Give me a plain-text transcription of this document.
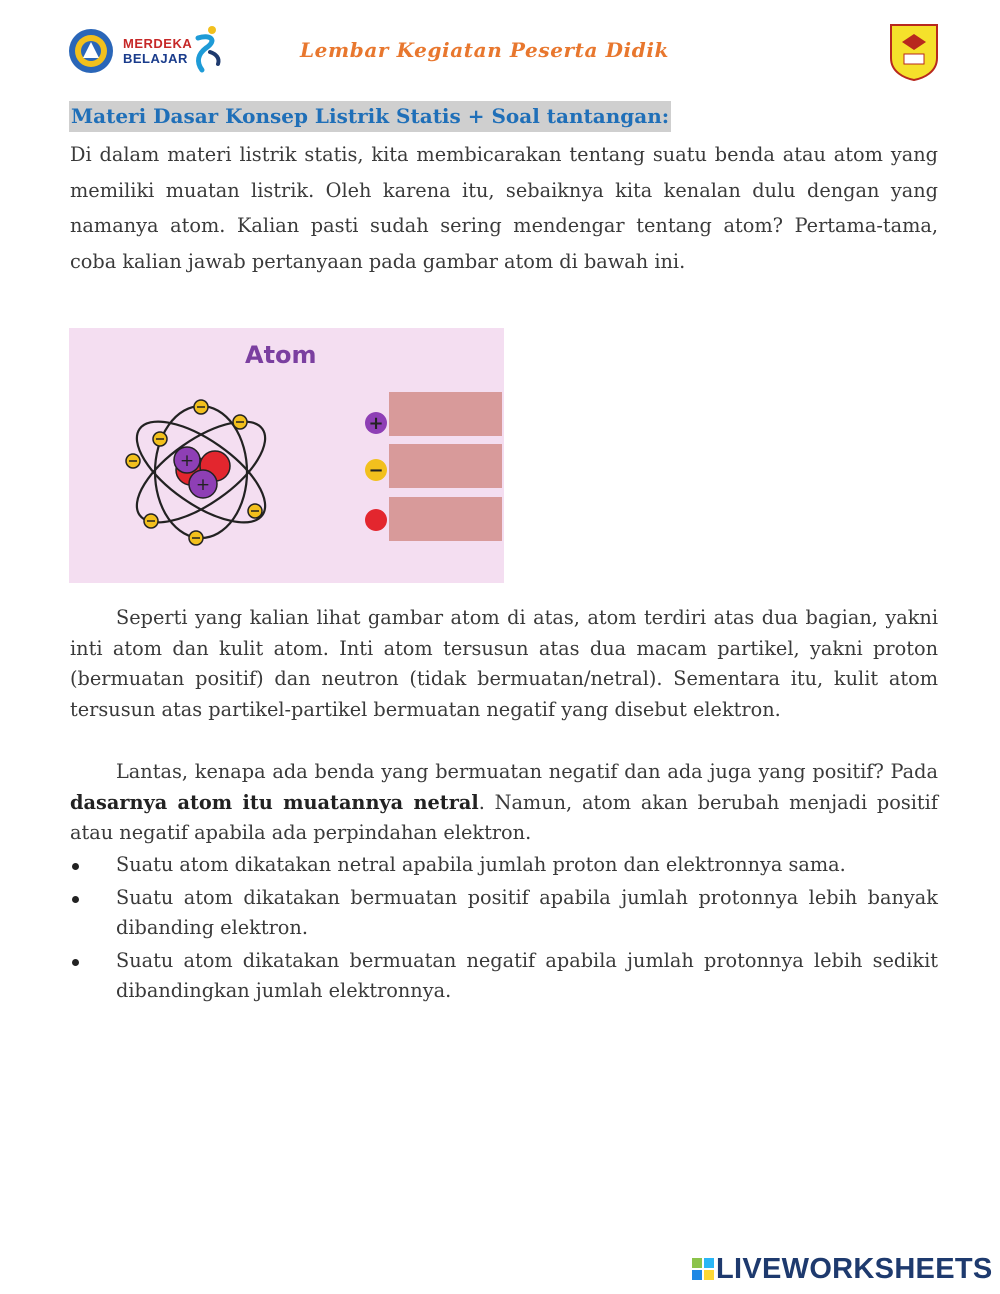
MERDEKA
BELAJAR	Lembar Kegiatan Peserta Didik
Materi Dasar Konsep Listrik Statis + Soal tantangan:
Di dalam materi listrik statis, kita membicarakan tentang suatu benda atau atom yang memiliki muatan listrik. Oleh karena itu, sebaiknya kita kenalan dulu dengan yang namanya atom. Kalian pasti sudah sering mendengar tentang atom? Pertama-tama, coba kalian jawab pertanyaan pada gambar atom di bawah ini.
Atom
+
+
+
−
Seperti yang kalian lihat gambar atom di atas, atom terdiri atas dua bagian, yakni inti atom dan kulit atom. Inti atom tersusun atas dua macam partikel, yakni proton (bermuatan positif) dan neutron (tidak bermuatan/netral). Sementara itu, kulit atom tersusun atas partikel-partikel bermuatan negatif yang disebut elektron.
Lantas, kenapa ada benda yang bermuatan negatif dan ada juga yang positif? Pada dasarnya atom itu muatannya netral. Namun, atom akan berubah menjadi positif atau negatif apabila ada perpindahan elektron.
Suatu atom dikatakan netral apabila jumlah proton dan elektronnya sama.
Suatu atom dikatakan bermuatan positif apabila jumlah protonnya lebih banyak dibanding elektron.
Suatu atom dikatakan bermuatan negatif apabila jumlah protonnya lebih sedikit dibandingkan jumlah elektronnya.
LIVEWORKSHEETS
